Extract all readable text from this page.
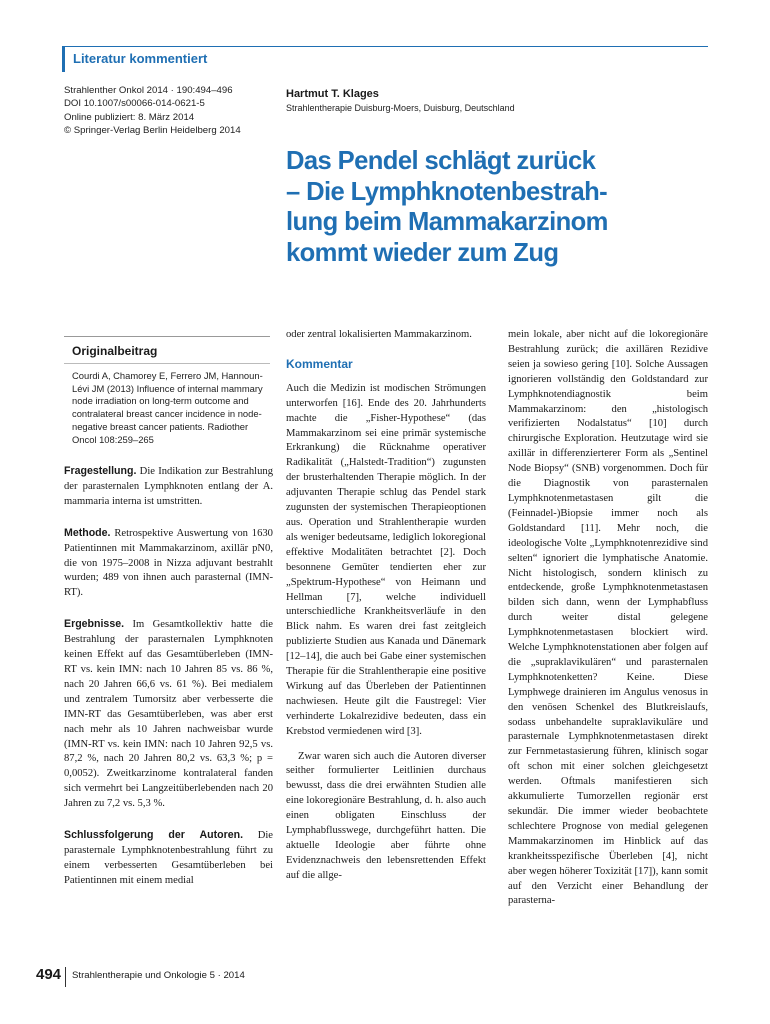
Literatur kommentiert
Strahlenther Onkol 2014 · 190:494–496
DOI 10.1007/s00066-014-0621-5
Online publiziert: 8. März 2014
© Springer-Verlag Berlin Heidelberg 2014
Hartmut T. Klages
Strahlentherapie Duisburg-Moers, Duisburg, Deutschland
Das Pendel schlägt zurück
– Die Lymphknotenbestrah-
lung beim Mammakarzinom
kommt wieder zum Zug
Originalbeitrag
Courdi A, Chamorey E, Ferrero JM, Hannoun-Lévi JM (2013) Influence of internal mammary node irradiation on long-term outcome and contralateral breast cancer incidence in node-negative breast cancer patients. Radiother Oncol 108:259–265

Fragestellung. Die Indikation zur Bestrahlung der parasternalen Lymphknoten entlang der A. mammaria interna ist umstritten.

Methode. Retrospektive Auswertung von 1630 Patientinnen mit Mammakarzinom, axillär pN0, die von 1975–2008 in Nizza adjuvant bestrahlt wurden; 489 von ihnen auch parasternal (IMN-RT).

Ergebnisse. Im Gesamtkollektiv hatte die Bestrahlung der parasternalen Lymphknoten keinen Effekt auf das Gesamtüberleben (IMN-RT vs. kein IMN: nach 10 Jahren 85 vs. 86 %, nach 20 Jahren 66,6 vs. 61 %). Bei medialem und zentralem Tumorsitz aber verbesserte die IMN-RT das Gesamtüberleben, was aber erst nach mehr als 10 Jahren nachweisbar wurde (IMN-RT vs. kein IMN: nach 10 Jahren 92,5 vs. 87,2 %, nach 20 Jahren 80,2 vs. 63,3 %; p = 0,0052). Zweitkarzinome kontralateral fanden sich vermehrt bei Langzeitüberlebenden nach 20 Jahren zu 7,2 vs. 5,3 %.

Schlussfolgerung der Autoren. Die parasternale Lymphknotenbestrahlung führt zu einem verbesserten Gesamtüberleben bei Patientinnen mit einem medial

oder zentral lokalisierten Mammakarzinom.

Kommentar

Auch die Medizin ist modischen Strömungen unterworfen [16]. Ende des 20. Jahrhunderts machte die „Fisher-Hypothese“ (das Mammakarzinom sei eine primär systemische Erkrankung) die Rücknahme operativer Radikalität („Halstedt-Tradition“) zugunsten der brusterhaltenden Therapie möglich. In der adjuvanten Therapie schlug das Pendel stark zugunsten der systemischen Therapieoptionen aus. Operation und Strahlentherapie wurden als weniger bedeutsame, lediglich lokoregional effektive Modalitäten betrachtet [2]. Doch besonnene Gemüter tendierten eher zur „Spektrum-Hypothese“ von Heimann und Hellman [7], welche individuell unterschiedliche Krankheitsverläufe in den Blick nahm. Es waren drei fast zeitgleich publizierte Studien aus Kanada und Dänemark [12–14], die auch bei Gabe einer systemischen Therapie für die Strahlentherapie eine positive Wirkung auf das Überleben der Patientinnen nachwiesen. Heute gilt die Faustregel: Vier verhinderte Lokalrezidive bedeuten, dass ein Krebstod vermiedenen wird [3].

Zwar waren sich auch die Autoren diverser seither formulierter Leitlinien durchaus bewusst, dass die drei erwähnten Studien alle eine lokoregionäre Bestrahlung, d. h. also auch einen obligaten Einschluss der Lymphabflusswege, durchgeführt hatten. Die aktuelle Ideologie aber führte ohne Evidenznachweis den lebensrettenden Effekt auf die allge-

mein lokale, aber nicht auf die lokoregionäre Bestrahlung zurück; die axillären Rezidive seien ja sowieso gering [10]. Solche Aussagen ignorieren vollständig den Goldstandard zur Lymphknotendiagnostik beim Mammakarzinom: den „histologisch verifizierten Nodalstatus“ [10] durch chirurgische Exploration. Heutzutage wird sie axillär in differenzierterer Form als „Sentinel Node Biopsy“ (SNB) vorgenommen. Doch für die Diagnostik von parasternalen Lymphknotenmetastasen gilt die (Feinnadel-)Biopsie immer noch als Goldstandard [11]. Mehr noch, die ideologische Volte „Lymphknotenrezidive sind selten“ ignoriert die lymphatische Anatomie. Nicht histologisch, sondern klinisch zu entdeckende, große Lymphknotenmetastasen bilden sich dann, wenn der Lymphabfluss durch weiter distal gelegene Lymphknotenmetastasen blockiert wird. Welche Lymphknotenstationen aber folgen auf die „supraklavikulären“ und parasternalen Lymphknotenketten? Keine. Diese Lymphwege drainieren im Angulus venosus in den venösen Schenkel des Blutkreislaufs, sodass unbehandelte supraklavikuläre und parasternale Lymphknotenmetastasen direkt zur Fernmetastasierung führen, klinisch sogar oft schon mit einer solchen gleichgesetzt werden. Oftmals manifestieren sich akkumulierte Tumorzellen regionär erst sekundär. Die immer wieder beobachtete schlechtere Prognose von medial gelegenen Mammakarzinomen im Hinblick auf das krankheitsspezifische Überleben [4], nicht aber wegen höherer Toxizität [17]), kann somit auf den Verzicht einer Behandlung der parasterna-

494 Strahlentherapie und Onkologie 5 · 2014
